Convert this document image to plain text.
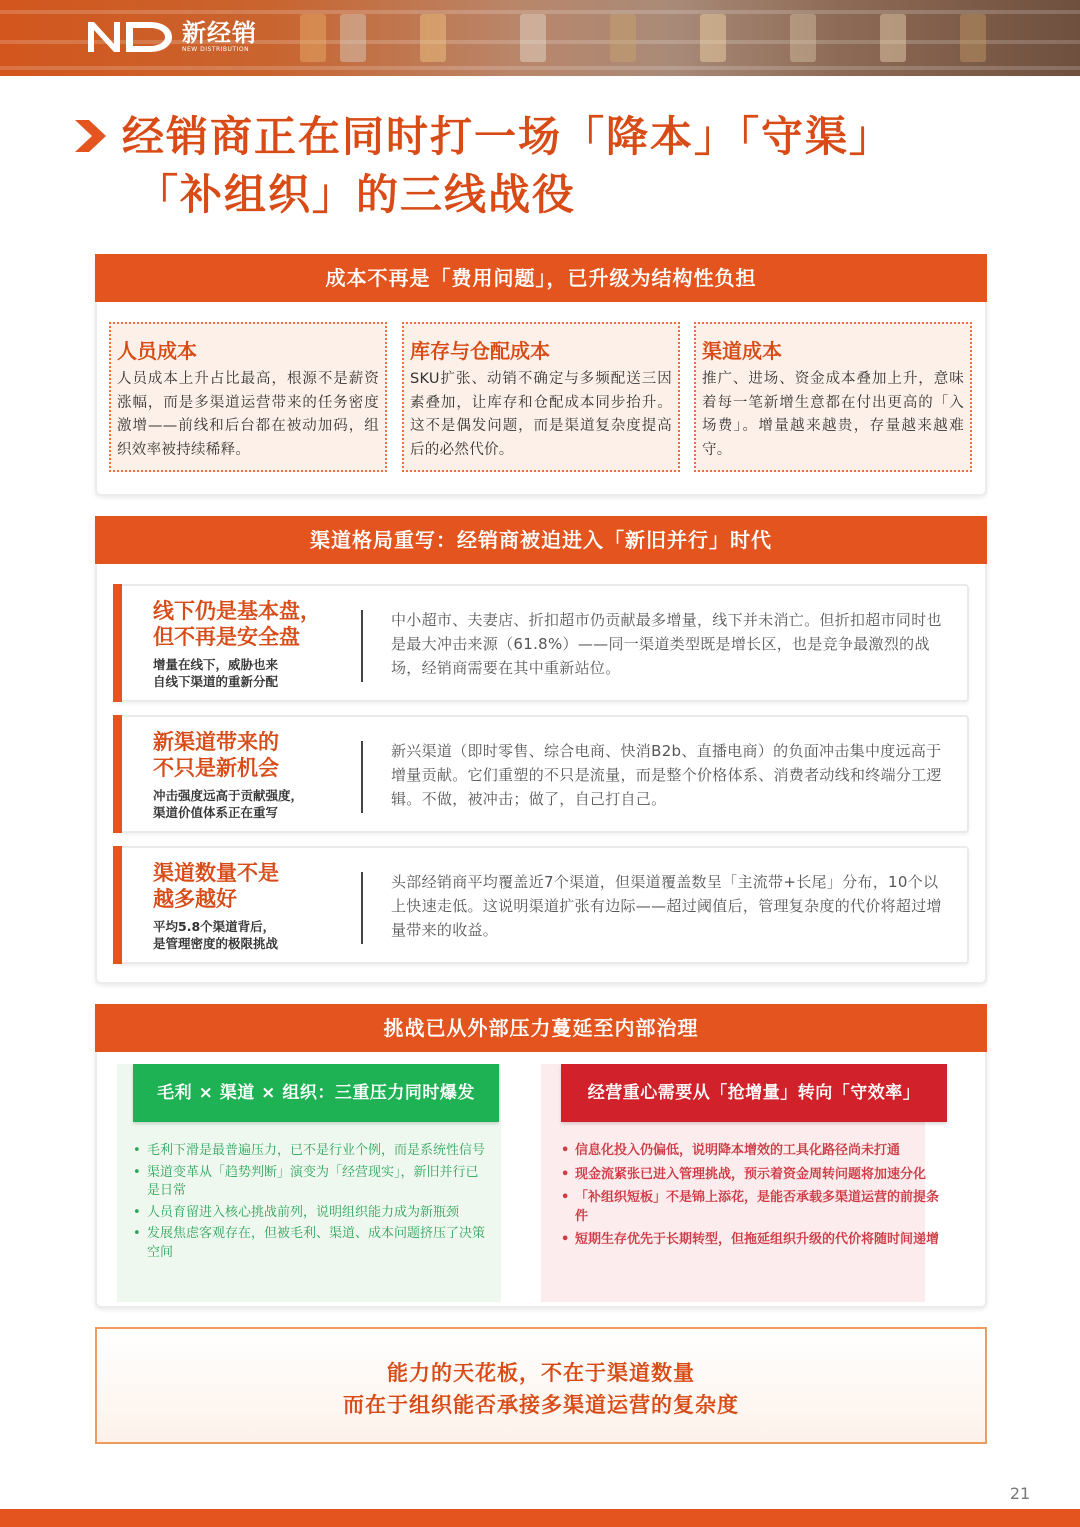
新经销
NEW DISTRIBUTION
经销商正在同时打一场「降本」「守渠」
「补组织」的三线战役
成本不再是「费用问题」，已升级为结构性负担
人员成本
人员成本上升占比最高，根源不是薪资涨幅，而是多渠道运营带来的任务密度激增——前线和后台都在被动加码，组织效率被持续稀释。
库存与仓配成本
SKU扩张、动销不确定与多频配送三因素叠加，让库存和仓配成本同步抬升。这不是偶发问题，而是渠道复杂度提高后的必然代价。
渠道成本
推广、进场、资金成本叠加上升，意味着每一笔新增生意都在付出更高的「入场费」。增量越来越贵，存量越来越难守。
渠道格局重写：经销商被迫进入「新旧并行」时代
线下仍是基本盘，
但不再是安全盘
增量在线下，威胁也来
自线下渠道的重新分配
中小超市、夫妻店、折扣超市仍贡献最多增量，线下并未消亡。但折扣超市同时也是最大冲击来源（61.8%）——同一渠道类型既是增长区，也是竞争最激烈的战场，经销商需要在其中重新站位。
新渠道带来的
不只是新机会
冲击强度远高于贡献强度，
渠道价值体系正在重写
新兴渠道（即时零售、综合电商、快消B2b、直播电商）的负面冲击集中度远高于增量贡献。它们重塑的不只是流量，而是整个价格体系、消费者动线和终端分工逻辑。不做，被冲击；做了，自己打自己。
渠道数量不是
越多越好
平均5.8个渠道背后，
是管理密度的极限挑战
头部经销商平均覆盖近7个渠道，但渠道覆盖数呈「主流带+长尾」分布，10个以上快速走低。这说明渠道扩张有边际——超过阈值后，管理复杂度的代价将超过增量带来的收益。
挑战已从外部压力蔓延至内部治理
毛利 × 渠道 × 组织：三重压力同时爆发
• 毛利下滑是最普遍压力，已不是行业个例，而是系统性信号
• 渠道变革从「趋势判断」演变为「经营现实」，新旧并行已是日常
• 人员育留进入核心挑战前列，说明组织能力成为新瓶颈
• 发展焦虑客观存在，但被毛利、渠道、成本问题挤压了决策空间
经营重心需要从「抢增量」转向「守效率」
• 信息化投入仍偏低，说明降本增效的工具化路径尚未打通
• 现金流紧张已进入管理挑战，预示着资金周转问题将加速分化
• 「补组织短板」不是锦上添花，是能否承载多渠道运营的前提条件
• 短期生存优先于长期转型，但拖延组织升级的代价将随时间递增
能力的天花板，不在于渠道数量
而在于组织能否承接多渠道运营的复杂度
21
